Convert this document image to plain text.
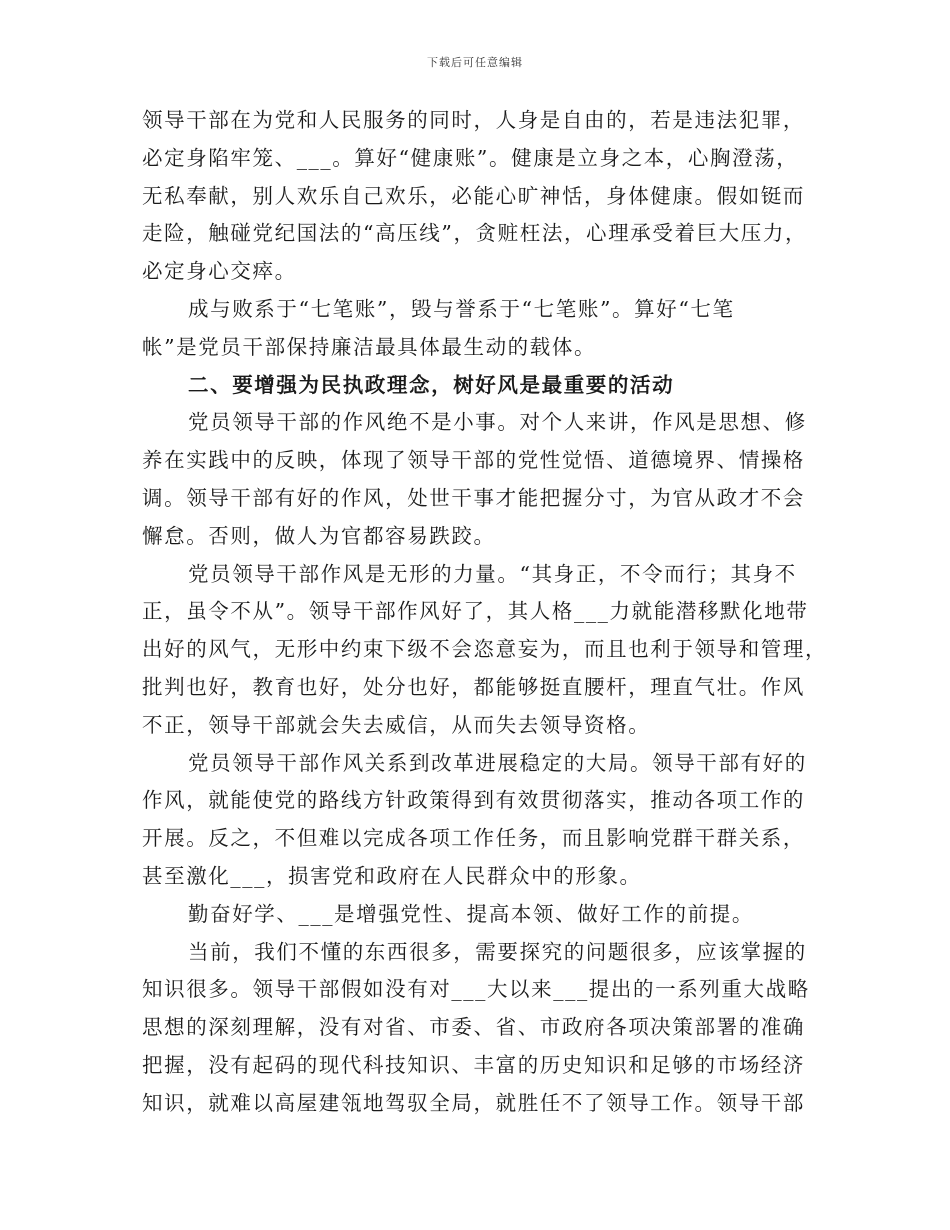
下载后可任意编辑

领导干部在为党和人民服务的同时，人身是自由的，若是违法犯罪，
必定身陷牢笼、___。算好“健康账”。健康是立身之本，心胸澄荡，
无私奉献，别人欢乐自己欢乐，必能心旷神恬，身体健康。假如铤而
走险，触碰党纪国法的“高压线”，贪赃枉法，心理承受着巨大压力，
必定身心交瘁。

成与败系于“七笔账”，毁与誉系于“七笔账”。算好“七笔
帐”是党员干部保持廉洁最具体最生动的载体。

二、要增强为民执政理念，树好风是最重要的活动

党员领导干部的作风绝不是小事。对个人来讲，作风是思想、修
养在实践中的反映，体现了领导干部的党性觉悟、道德境界、情操格
调。领导干部有好的作风，处世干事才能把握分寸，为官从政才不会
懈怠。否则，做人为官都容易跌跤。

党员领导干部作风是无形的力量。“其身正，不令而行；其身不
正，虽令不从”。领导干部作风好了，其人格___力就能潜移默化地带
出好的风气，无形中约束下级不会恣意妄为，而且也利于领导和管理，
批判也好，教育也好，处分也好，都能够挺直腰杆，理直气壮。作风
不正，领导干部就会失去威信，从而失去领导资格。

党员领导干部作风关系到改革进展稳定的大局。领导干部有好的
作风，就能使党的路线方针政策得到有效贯彻落实，推动各项工作的
开展。反之，不但难以完成各项工作任务，而且影响党群干群关系，
甚至激化___，损害党和政府在人民群众中的形象。

勤奋好学、___是增强党性、提高本领、做好工作的前提。

当前，我们不懂的东西很多，需要探究的问题很多，应该掌握的
知识很多。领导干部假如没有对___大以来___提出的一系列重大战略
思想的深刻理解，没有对省、市委、省、市政府各项决策部署的准确
把握，没有起码的现代科技知识、丰富的历史知识和足够的市场经济
知识，就难以高屋建瓴地驾驭全局，就胜任不了领导工作。领导干部
